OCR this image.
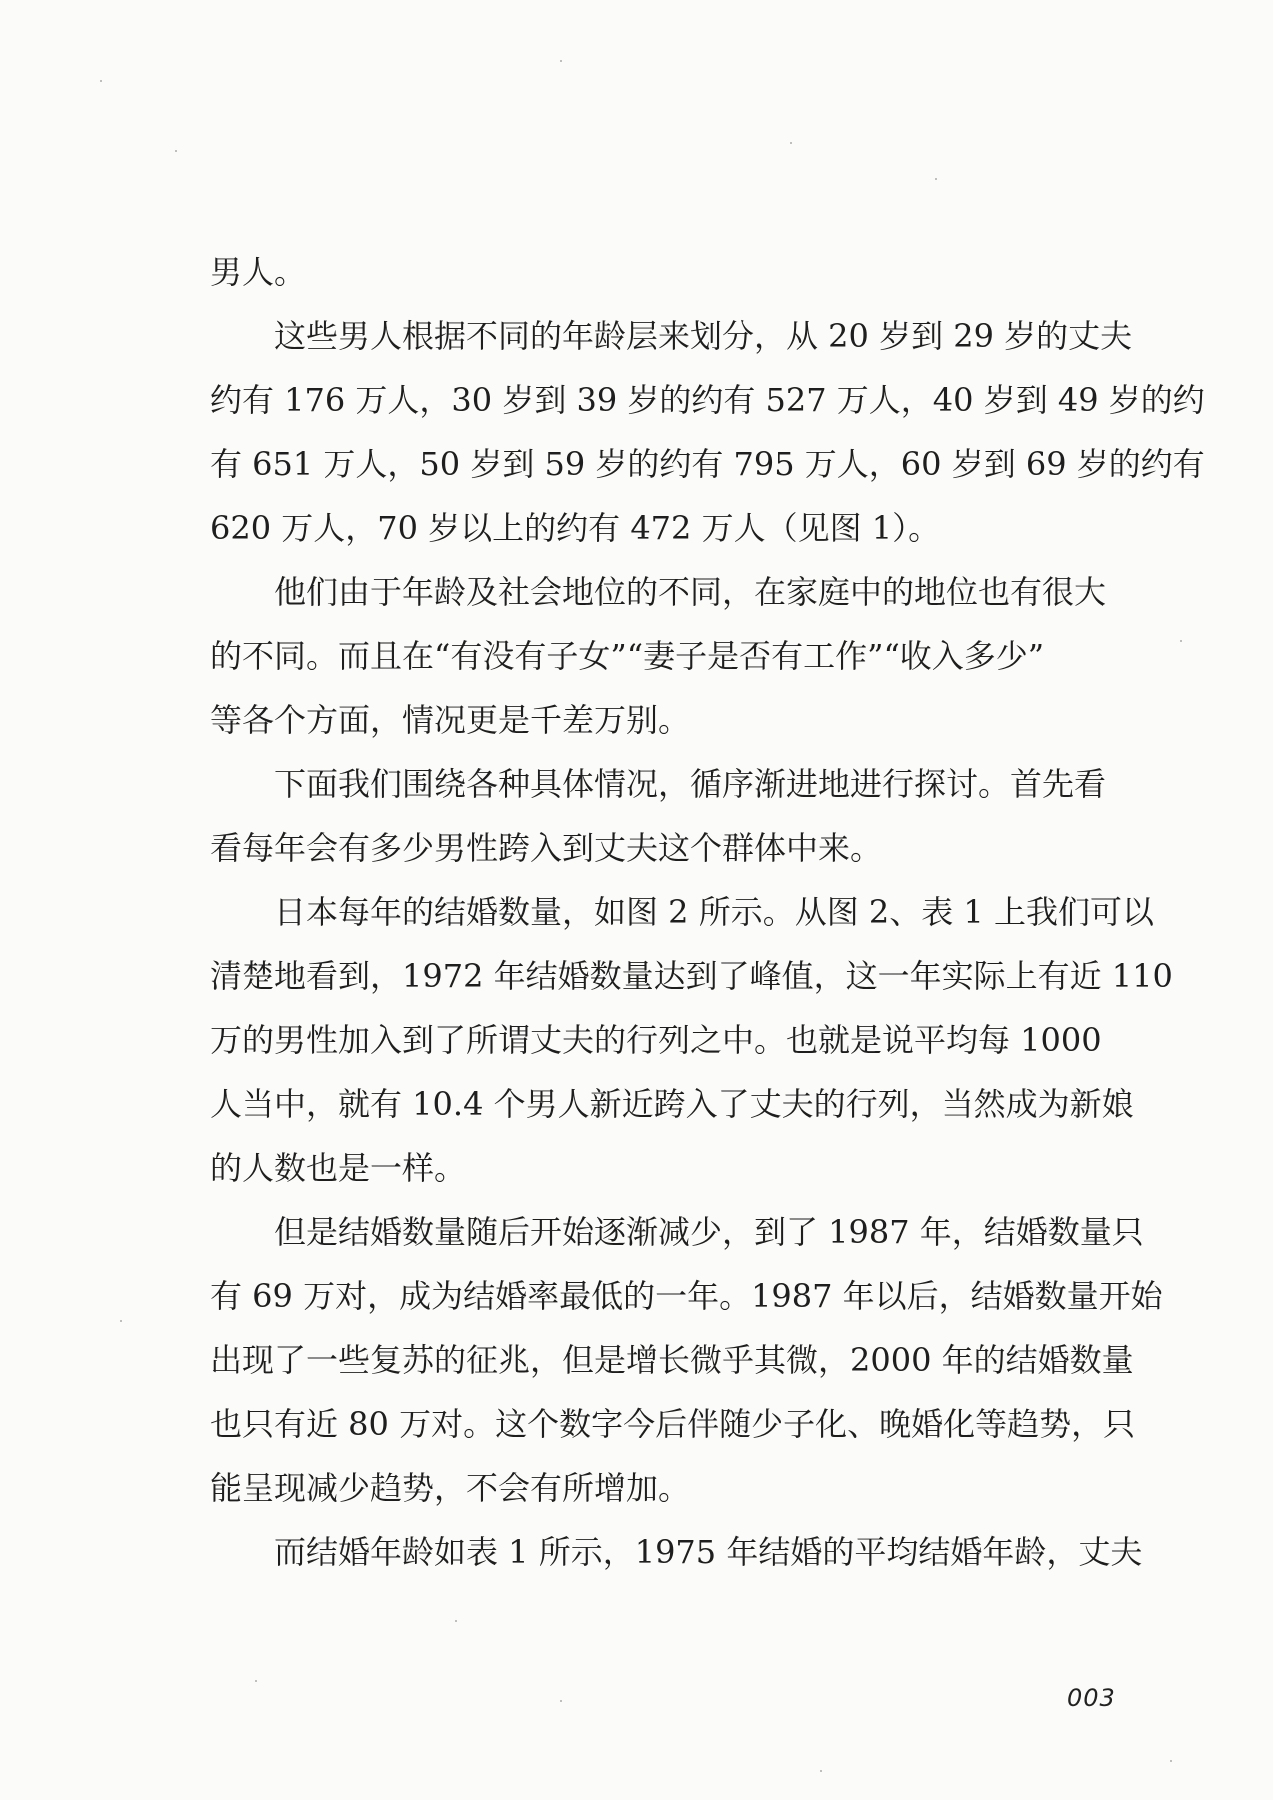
男人。
这些男人根据不同的年龄层来划分，从 20 岁到 29 岁的丈夫
约有 176 万人，30 岁到 39 岁的约有 527 万人，40 岁到 49 岁的约
有 651 万人，50 岁到 59 岁的约有 795 万人，60 岁到 69 岁的约有
620 万人，70 岁以上的约有 472 万人（见图 1）。
他们由于年龄及社会地位的不同，在家庭中的地位也有很大
的不同。而且在“有没有子女”“妻子是否有工作”“收入多少”
等各个方面，情况更是千差万别。
下面我们围绕各种具体情况，循序渐进地进行探讨。首先看
看每年会有多少男性跨入到丈夫这个群体中来。
日本每年的结婚数量，如图 2 所示。从图 2、表 1 上我们可以
清楚地看到，1972 年结婚数量达到了峰值，这一年实际上有近 110
万的男性加入到了所谓丈夫的行列之中。也就是说平均每 1000
人当中，就有 10.4 个男人新近跨入了丈夫的行列，当然成为新娘
的人数也是一样。
但是结婚数量随后开始逐渐减少，到了 1987 年，结婚数量只
有 69 万对，成为结婚率最低的一年。1987 年以后，结婚数量开始
出现了一些复苏的征兆，但是增长微乎其微，2000 年的结婚数量
也只有近 80 万对。这个数字今后伴随少子化、晚婚化等趋势，只
能呈现减少趋势，不会有所增加。
而结婚年龄如表 1 所示，1975 年结婚的平均结婚年龄，丈夫
003
